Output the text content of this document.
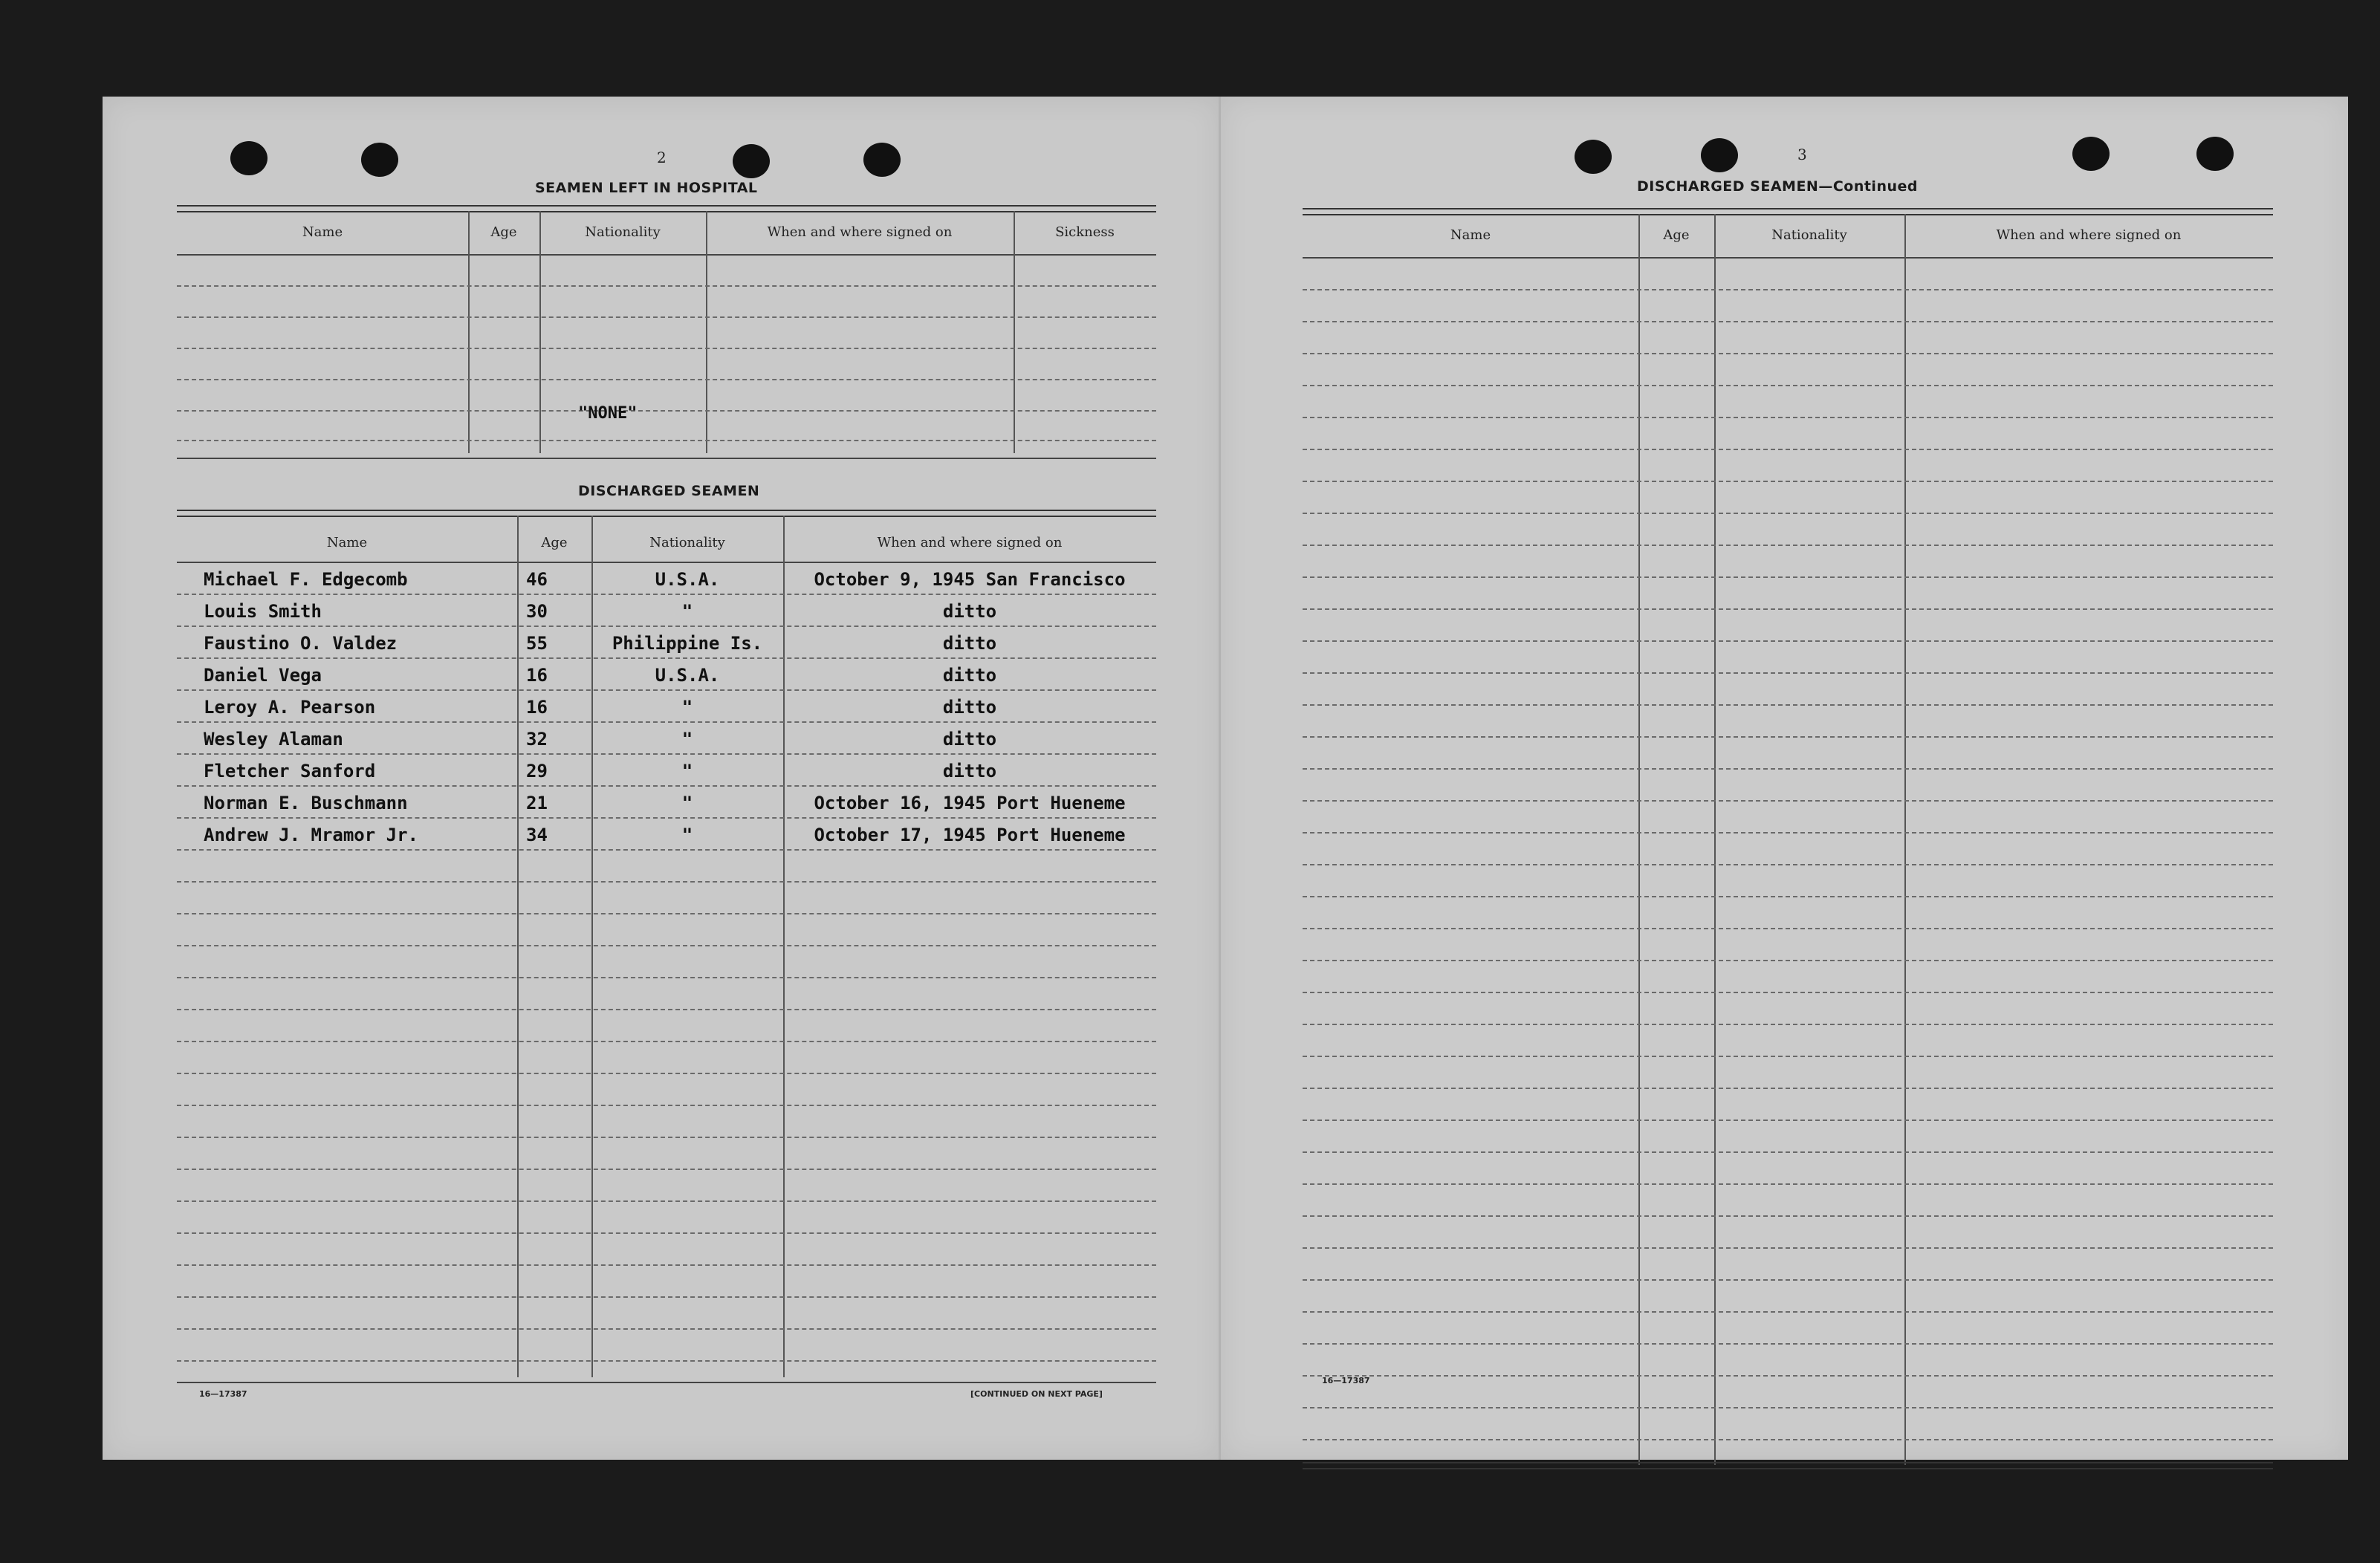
2
SEAMEN LEFT IN HOSPITAL
Name	Age	Nationality	When and where signed on	Sickness
"NONE"
DISCHARGED SEAMEN
Name	Age	Nationality	When and where signed on
Michael F. Edgecomb	46	U.S.A.	October 9, 1945 San Francisco
Louis Smith	30	"	ditto
Faustino O. Valdez	55	Philippine Is.	ditto
Daniel Vega	16	U.S.A.	ditto
Leroy A. Pearson	16	"	ditto
Wesley Alaman	32	"	ditto
Fletcher Sanford	29	"	ditto
Norman E. Buschmann	21	"	October 16, 1945 Port Hueneme
Andrew J. Mramor Jr.	34	"	October 17, 1945 Port Hueneme
16—17387	[CONTINUED ON NEXT PAGE]
3
DISCHARGED SEAMEN—Continued
Name	Age	Nationality	When and where signed on
16—17387
